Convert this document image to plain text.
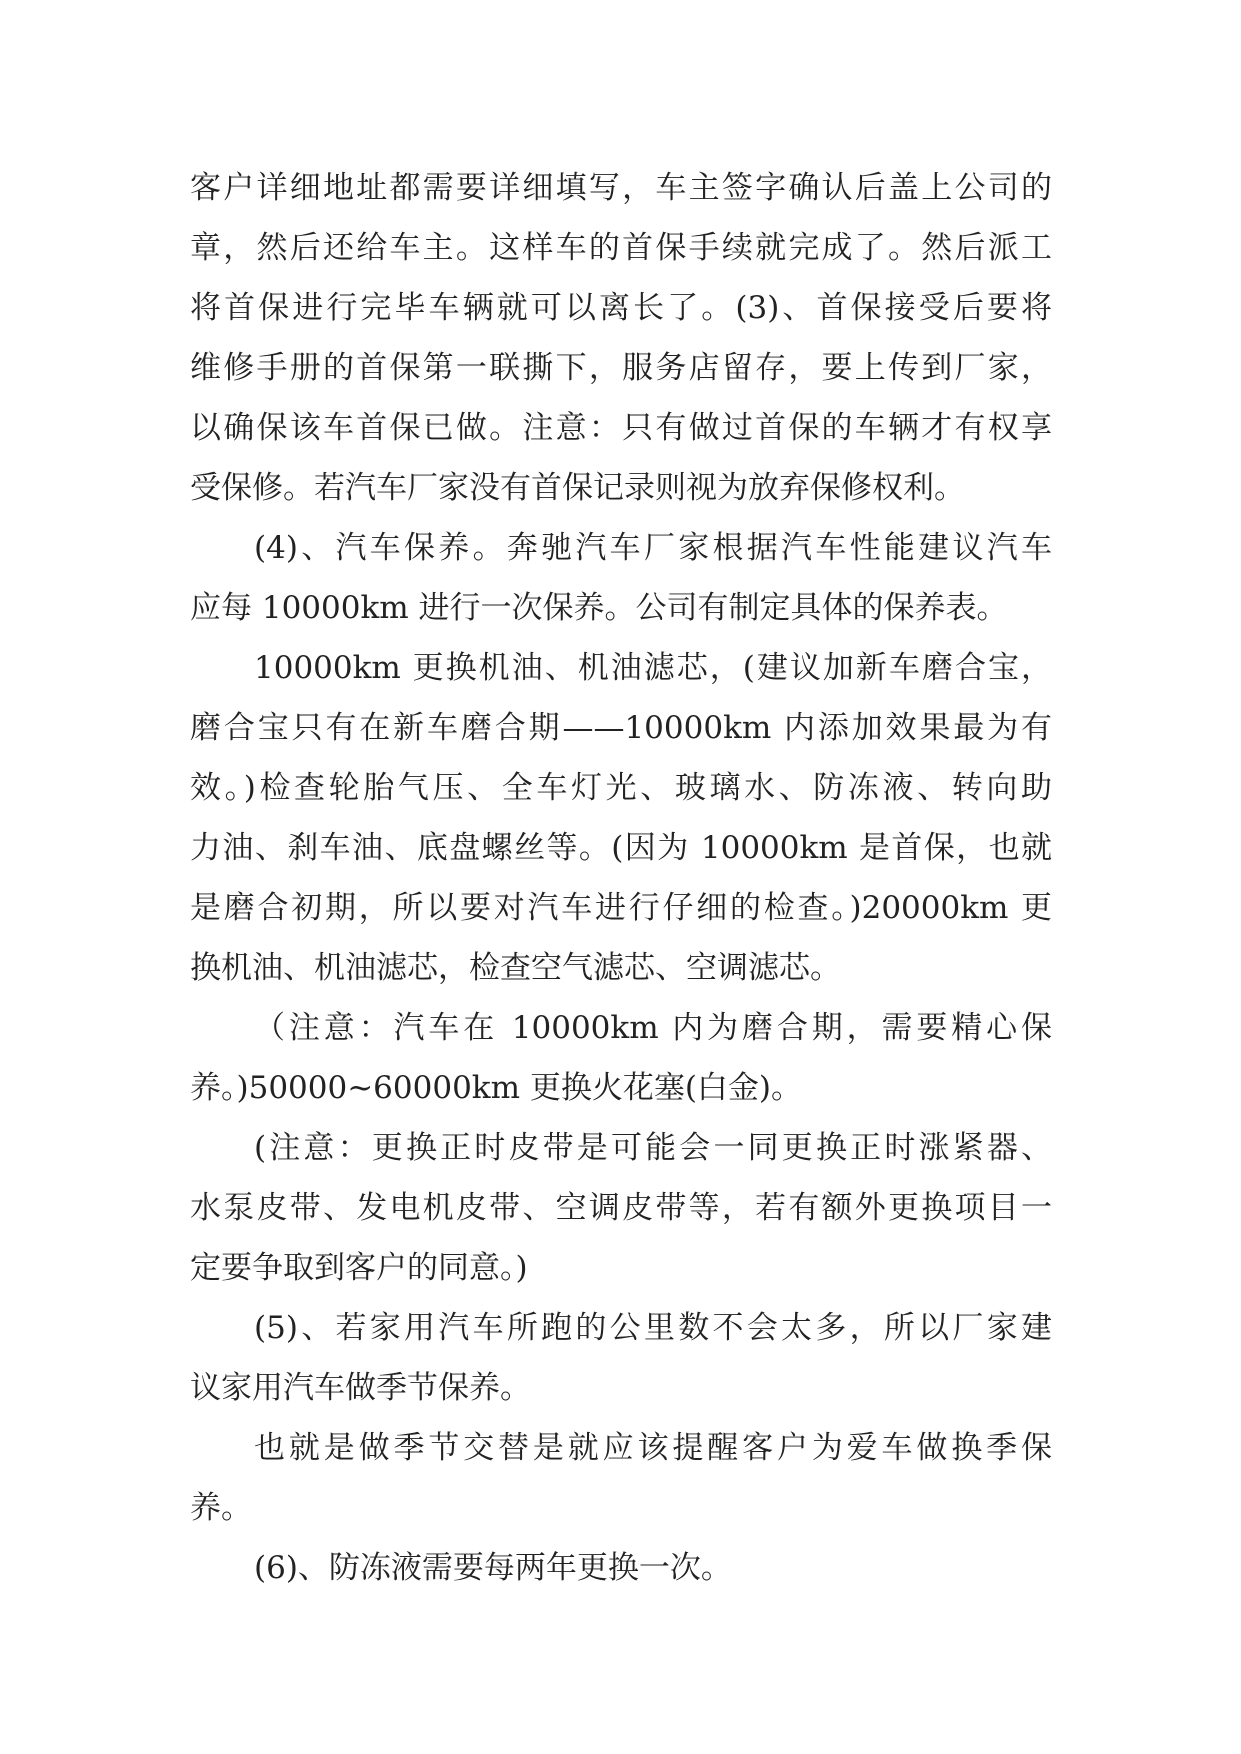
客户详细地址都需要详细填写，车主签字确认后盖上公司的
章，然后还给车主。这样车的首保手续就完成了。然后派工
将首保进行完毕车辆就可以离长了。(3)、首保接受后要将
维修手册的首保第一联撕下，服务店留存，要上传到厂家，
以确保该车首保已做。注意：只有做过首保的车辆才有权享
受保修。若汽车厂家没有首保记录则视为放弃保修权利。
(4)、汽车保养。奔驰汽车厂家根据汽车性能建议汽车
应每 10000km 进行一次保养。公司有制定具体的保养表。
10000km 更换机油、机油滤芯，(建议加新车磨合宝，
磨合宝只有在新车磨合期——10000km 内添加效果最为有
效。)检查轮胎气压、全车灯光、玻璃水、防冻液、转向助
力油、刹车油、底盘螺丝等。(因为 10000km 是首保，也就
是磨合初期，所以要对汽车进行仔细的检查。)20000km 更
换机油、机油滤芯，检查空气滤芯、空调滤芯。
（注意：汽车在 10000km 内为磨合期，需要精心保
养。)50000~60000km 更换火花塞(白金)。
(注意：更换正时皮带是可能会一同更换正时涨紧器、
水泵皮带、发电机皮带、空调皮带等，若有额外更换项目一
定要争取到客户的同意。)
(5)、若家用汽车所跑的公里数不会太多，所以厂家建
议家用汽车做季节保养。
也就是做季节交替是就应该提醒客户为爱车做换季保
养。
(6)、防冻液需要每两年更换一次。
